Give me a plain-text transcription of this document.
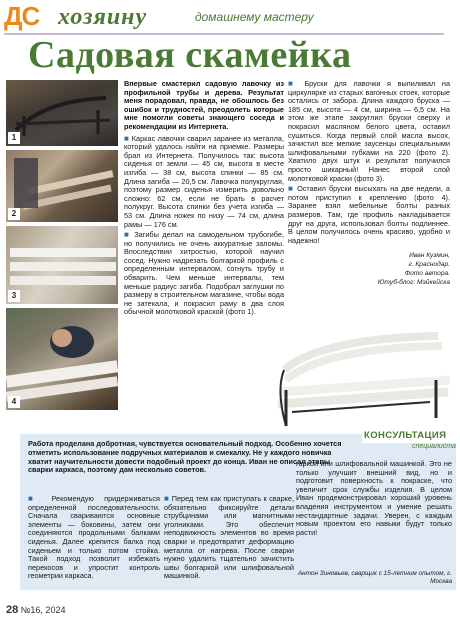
ДС хозяину	домашнему мастеру
Садовая скамейка
1
2
3
4

Впервые смастерил садовую лавочку из профильной трубы и дерева. Результат меня порадовал, правда, не обошлось без ошибок и трудностей, преодолеть которые мне помогли советы знающего соседа и рекомендации из Интернета.

■ Каркас лавочки сварил заранее из металла, который удалось найти на приемке. Размеры брал из Интернета. Получилось так: высота сиденья от земли — 45 см, высота в месте изгиба — 38 см, высота спинки — 85 см. Длина загиба — 20,5 см. Лавочка полукруглая, поэтому размер сиденья измерить довольно сложно: 62 см, если не брать в расчет полукруг. Высота спинки без учета изгиба — 53 см. Длина ножек по низу — 74 см, длина рамы — 176 см.

■ Загибы делал на самодельном трубогибе, но получились не очень аккуратные заломы. Впоследствии хитростью, которой научил сосед. Нужно надрезать болгаркой профиль с определенным интервалом, согнуть трубу и обварить. Чем меньше интервалы, тем меньше радиус загиба. Подобрал заглушки по размеру в строительном магазине, чтобы вода не затекала, и покрасил раму в два слоя обычной молотковой краской (фото 1).

■ Бруски для лавочки я выпиливал на циркулярке из старых вагонных стоек, которые остались от забора. Длина каждого бруска — 185 см, высота — 4 см, ширина — 6,5 см. На этом же этапе закруглил бруски сверху и покрасил масляном белого цвета, оставил сушиться. Когда первый слой масла высох, зачистил все мелкие заусенцы специальными шлифовальными губками на 220 (фото 2). Хватило двух штук и результат получился просто шикарный! Нанес второй слой молотковой краски (фото 3).

■ Оставил бруски высыхать на две недели, а потом приступил к креплению (фото 4). Заранее взял мебельные болты разных размеров. Там, где профиль накладывается друг на друга, использовал болты подлиннее. В целом получилось очень красиво, удобно и надежно!

Иван Кузмин,
г. Краснодар.
Фото автора.
Ютуб-блог: Мэйкейска
КОНСУЛЬТАЦИЯ
специалиста
Работа проделана добротная, чувствуется основательный подход. Особенно хочется отметить использование подручных материалов и смекалку. Не у каждого новичка хватит научительности довести подобный проект до конца. Иван не описал этапы сварки каркаса, поэтому дам несколько советов.
■ Рекомендую придерживаться определенной последовательности. Сначала свариваются основные элементы — боковины, затем они соединяются продольными балками сиденья. Далее крепится балка под сиденьем и только потом стойка. Такой подход позволит избежать перекосов и упростит контроль геометрии каркаса.
■ Перед тем как приступать к сварке, обязательно фиксируйте детали струбцинами или магнитными уголниками. Это обеспечит неподвижность элементов во время сварки и предотвратит деформацию металла от нагрева. После сварки нужно удалить тщательно зачистить швы болгаркой или шлифовальной машинкой.
гаркой или шлифовальной машинкой. Это не только улучшит внешний вид, но и подготовит поверхность к покраске, что увеличит срок службы изделия. В целом Иван продемонстрировал хороший уровень владения инструментом и умение решать нестандартные задачи. Уверен, с каждым новым проектом его навыки будут только расти!
Антон Зиновьев, сварщик с 15-летним опытом, г. Москва
28 №16, 2024
